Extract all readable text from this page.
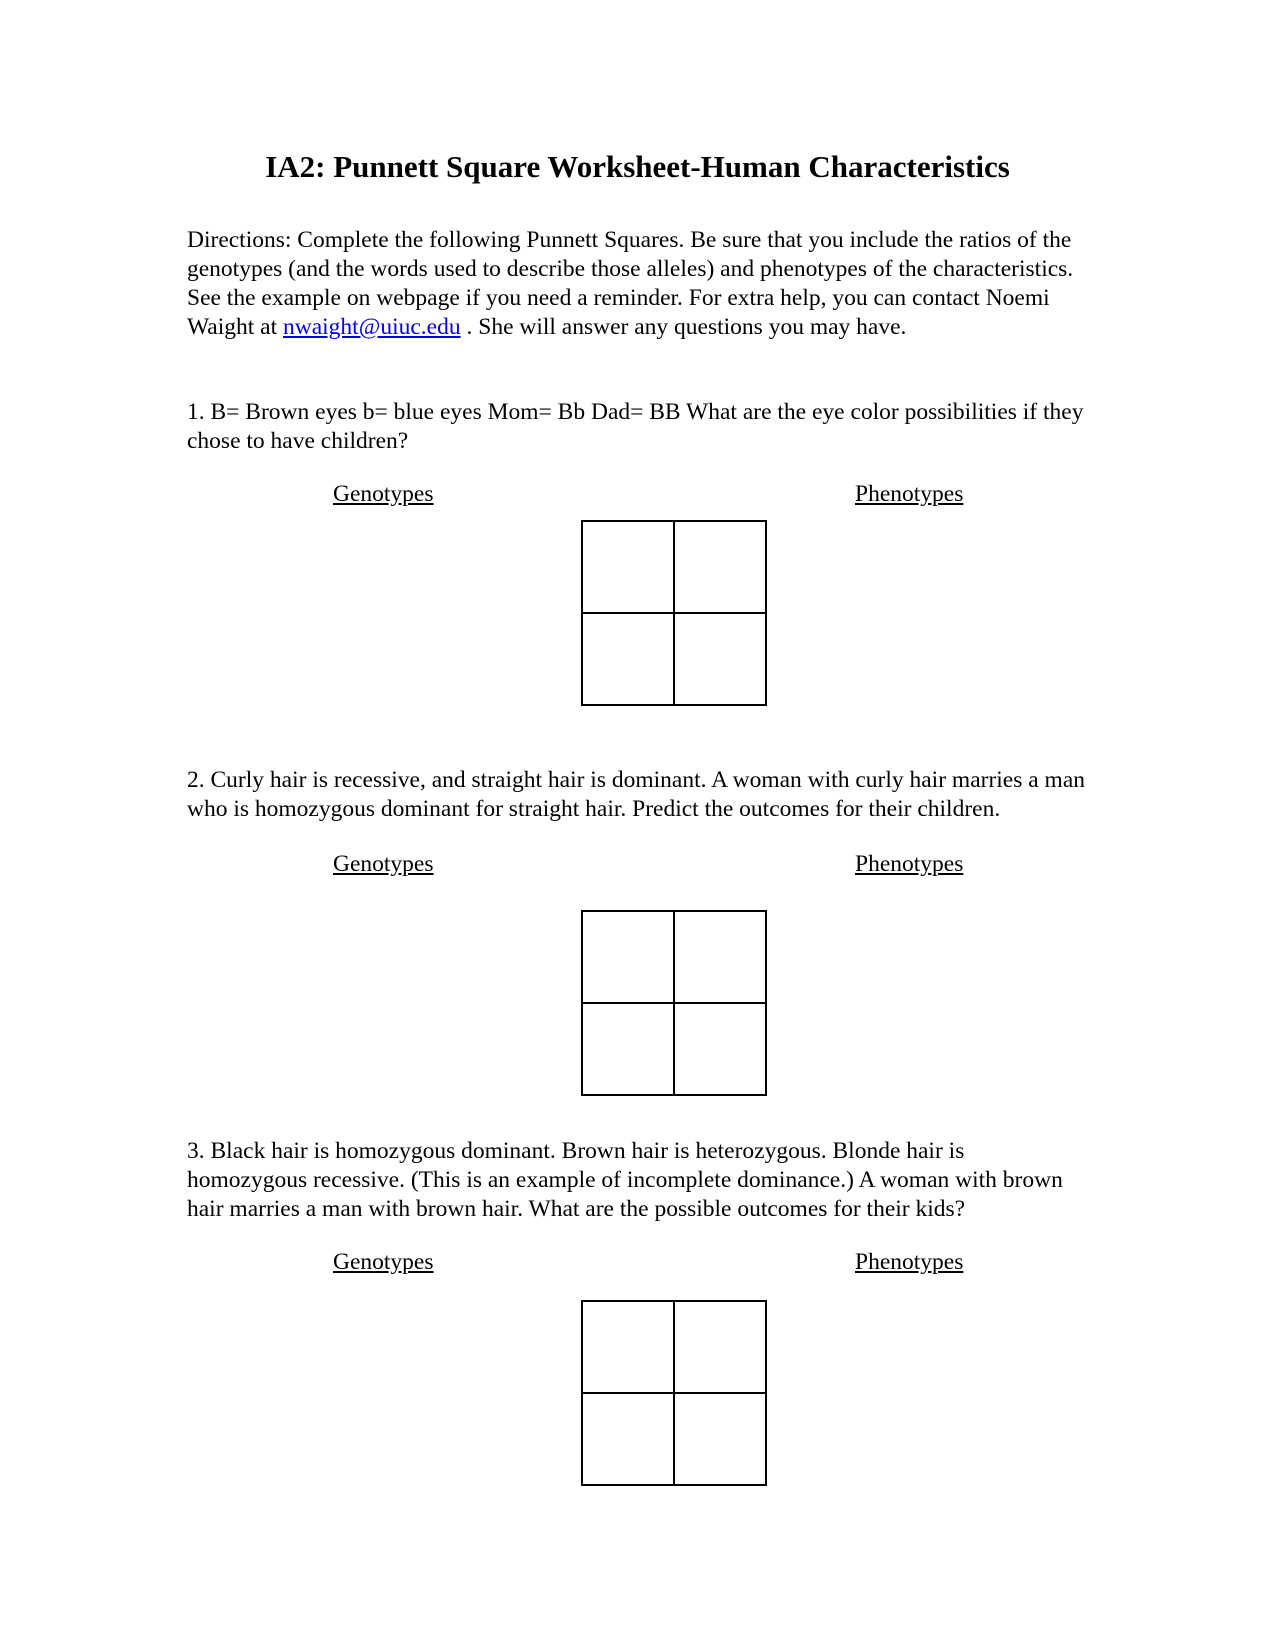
IA2: Punnett Square Worksheet-Human Characteristics

Directions: Complete the following Punnett Squares. Be sure that you include the ratios of the genotypes (and the words used to describe those alleles) and phenotypes of the characteristics. See the example on webpage if you need a reminder. For extra help, you can contact Noemi Waight at nwaight@uiuc.edu . She will answer any questions you may have.

1. B= Brown eyes b= blue eyes Mom= Bb Dad= BB What are the eye color possibilities if they chose to have children?

Genotypes	Phenotypes

2. Curly hair is recessive, and straight hair is dominant. A woman with curly hair marries a man who is homozygous dominant for straight hair. Predict the outcomes for their children.

Genotypes	Phenotypes

3. Black hair is homozygous dominant. Brown hair is heterozygous. Blonde hair is homozygous recessive. (This is an example of incomplete dominance.) A woman with brown hair marries a man with brown hair. What are the possible outcomes for their kids?

Genotypes	Phenotypes
